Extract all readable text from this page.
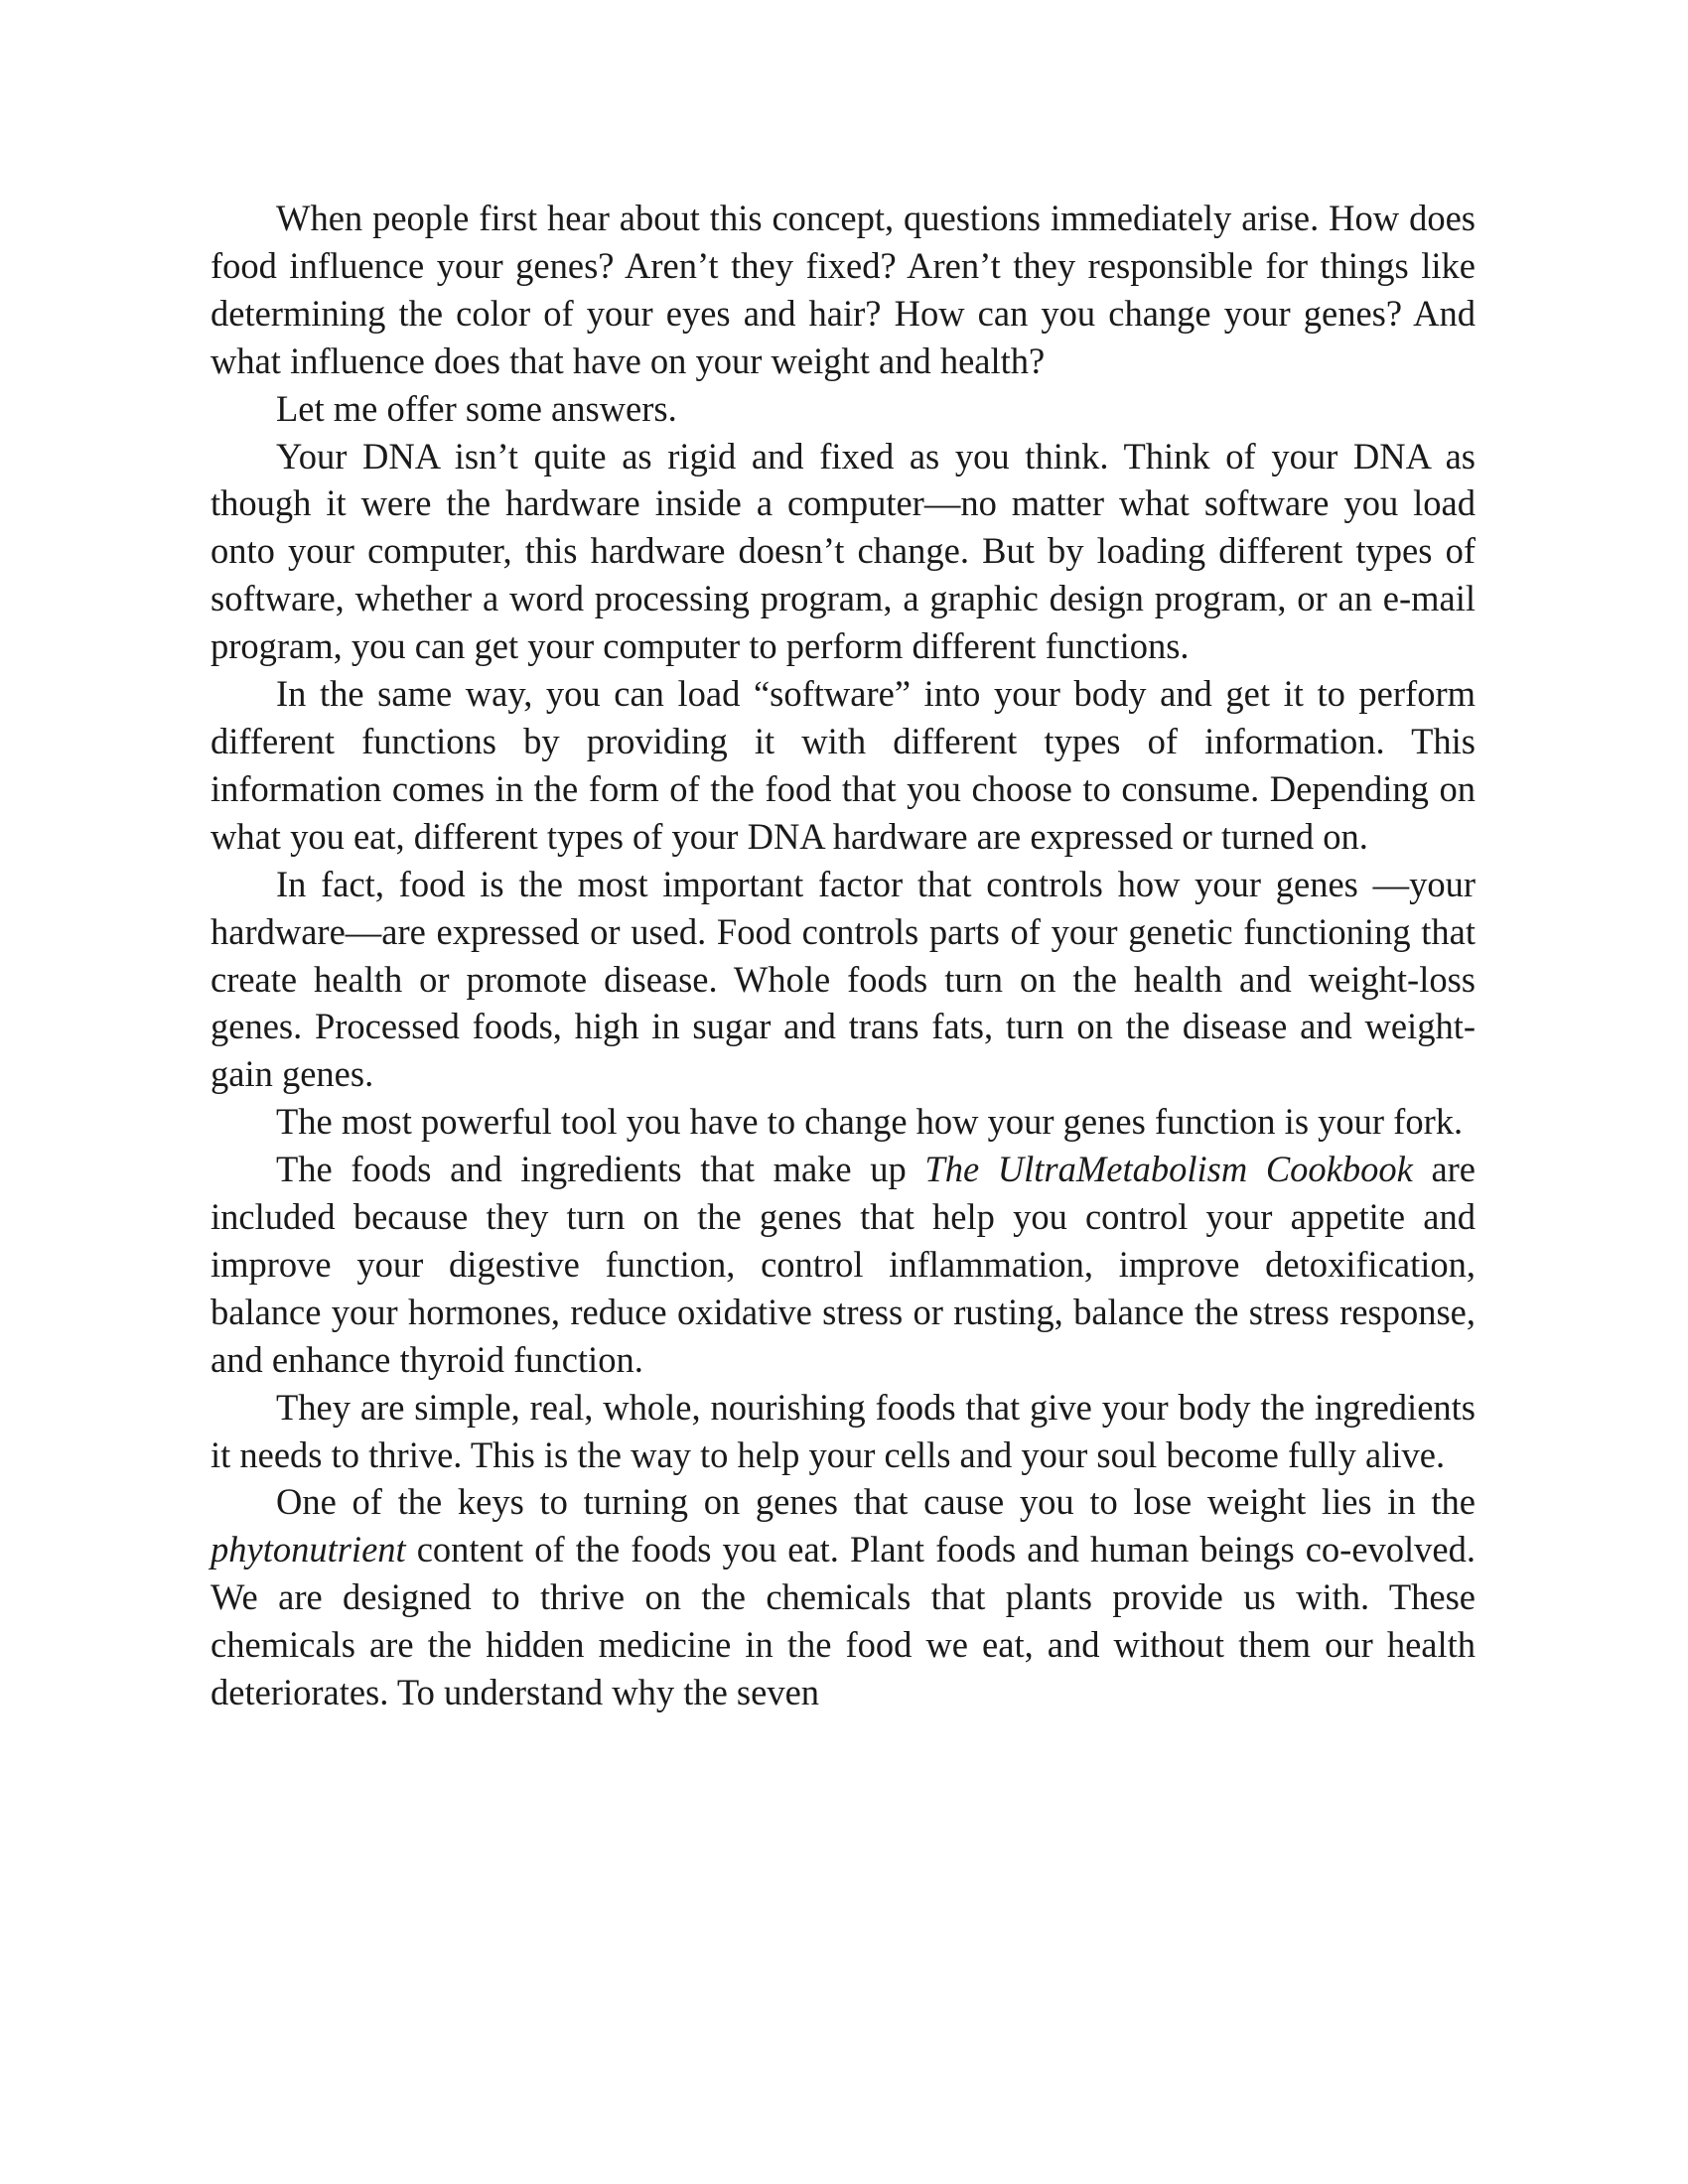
When people first hear about this concept, questions immediately arise. How does food influence your genes? Aren’t they fixed? Aren’t they responsible for things like determining the color of your eyes and hair? How can you change your genes? And what influence does that have on your weight and health?

Let me offer some answers.

Your DNA isn’t quite as rigid and fixed as you think. Think of your DNA as though it were the hardware inside a computer—no matter what software you load onto your computer, this hardware doesn’t change. But by loading different types of software, whether a word processing program, a graphic design program, or an e-mail program, you can get your computer to perform different functions.

In the same way, you can load “software” into your body and get it to perform different functions by providing it with different types of information. This information comes in the form of the food that you choose to consume. Depending on what you eat, different types of your DNA hardware are expressed or turned on.

In fact, food is the most important factor that controls how your genes —your hardware—are expressed or used. Food controls parts of your genetic functioning that create health or promote disease. Whole foods turn on the health and weight-loss genes. Processed foods, high in sugar and trans fats, turn on the disease and weight-gain genes.

The most powerful tool you have to change how your genes function is your fork.

The foods and ingredients that make up The UltraMetabolism Cookbook are included because they turn on the genes that help you control your appetite and improve your digestive function, control inflammation, improve detoxification, balance your hormones, reduce oxidative stress or rusting, balance the stress response, and enhance thyroid function.

They are simple, real, whole, nourishing foods that give your body the ingredients it needs to thrive. This is the way to help your cells and your soul become fully alive.

One of the keys to turning on genes that cause you to lose weight lies in the phytonutrient content of the foods you eat. Plant foods and human beings co-evolved. We are designed to thrive on the chemicals that plants provide us with. These chemicals are the hidden medicine in the food we eat, and without them our health deteriorates. To understand why the seven
